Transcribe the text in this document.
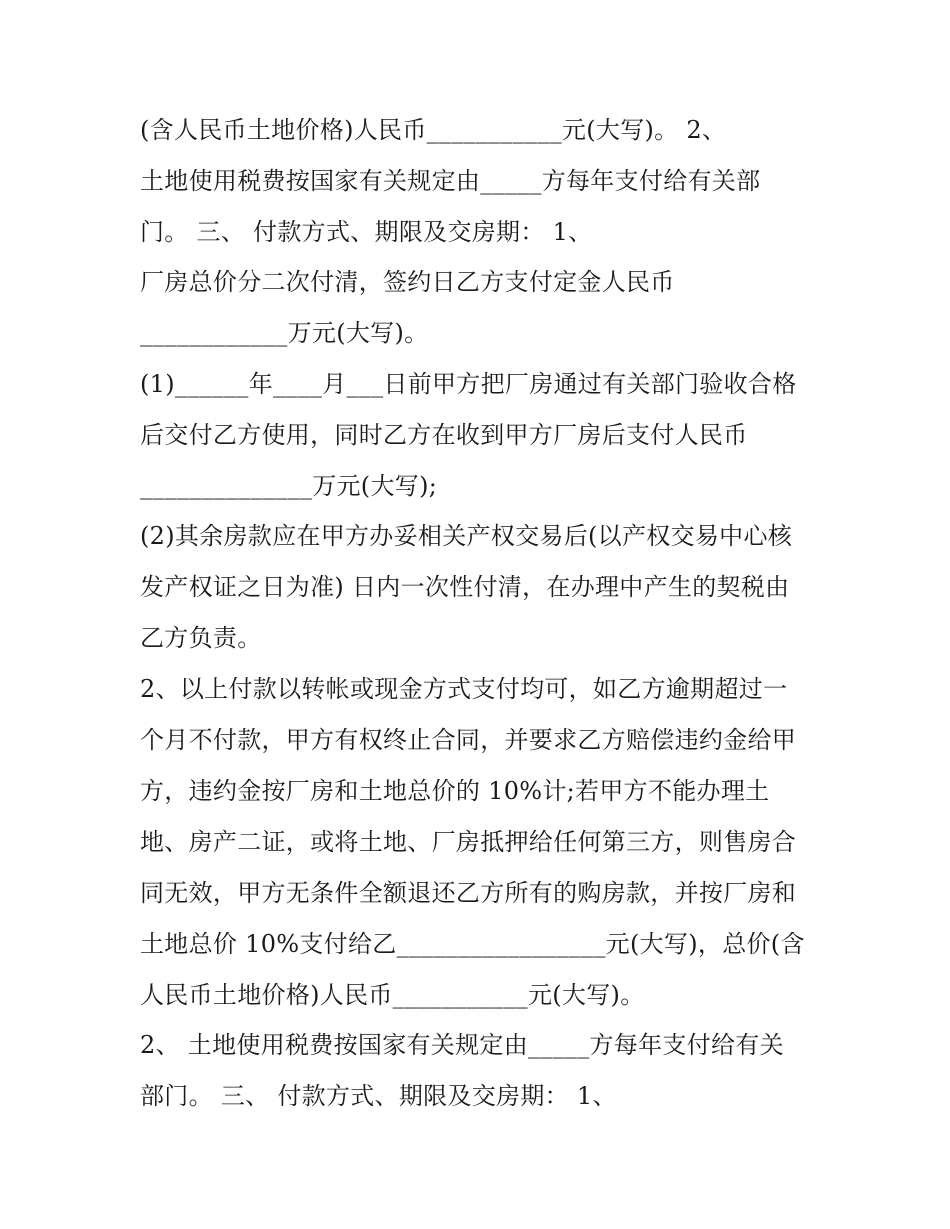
(含人民币土地价格)人民币___________元(大写)。 2、

土地使用税费按国家有关规定由_____方每年支付给有关部

门。 三、 付款方式、期限及交房期： 1、

厂房总价分二次付清，签约日乙方支付定金人民币

____________万元(大写)。

(1)______年____月___日前甲方把厂房通过有关部门验收合格

后交付乙方使用，同时乙方在收到甲方厂房后支付人民币

______________万元(大写);

(2)其余房款应在甲方办妥相关产权交易后(以产权交易中心核

发产权证之日为准) 日内一次性付清，在办理中产生的契税由

乙方负责。

2、以上付款以转帐或现金方式支付均可，如乙方逾期超过一

个月不付款，甲方有权终止合同，并要求乙方赔偿违约金给甲

方，违约金按厂房和土地总价的 10%计;若甲方不能办理土

地、房产二证，或将土地、厂房抵押给任何第三方，则售房合

同无效，甲方无条件全额退还乙方所有的购房款，并按厂房和

土地总价 10%支付给乙_________________元(大写)，总价(含

人民币土地价格)人民币___________元(大写)。

2、 土地使用税费按国家有关规定由_____方每年支付给有关

部门。 三、 付款方式、期限及交房期： 1、
